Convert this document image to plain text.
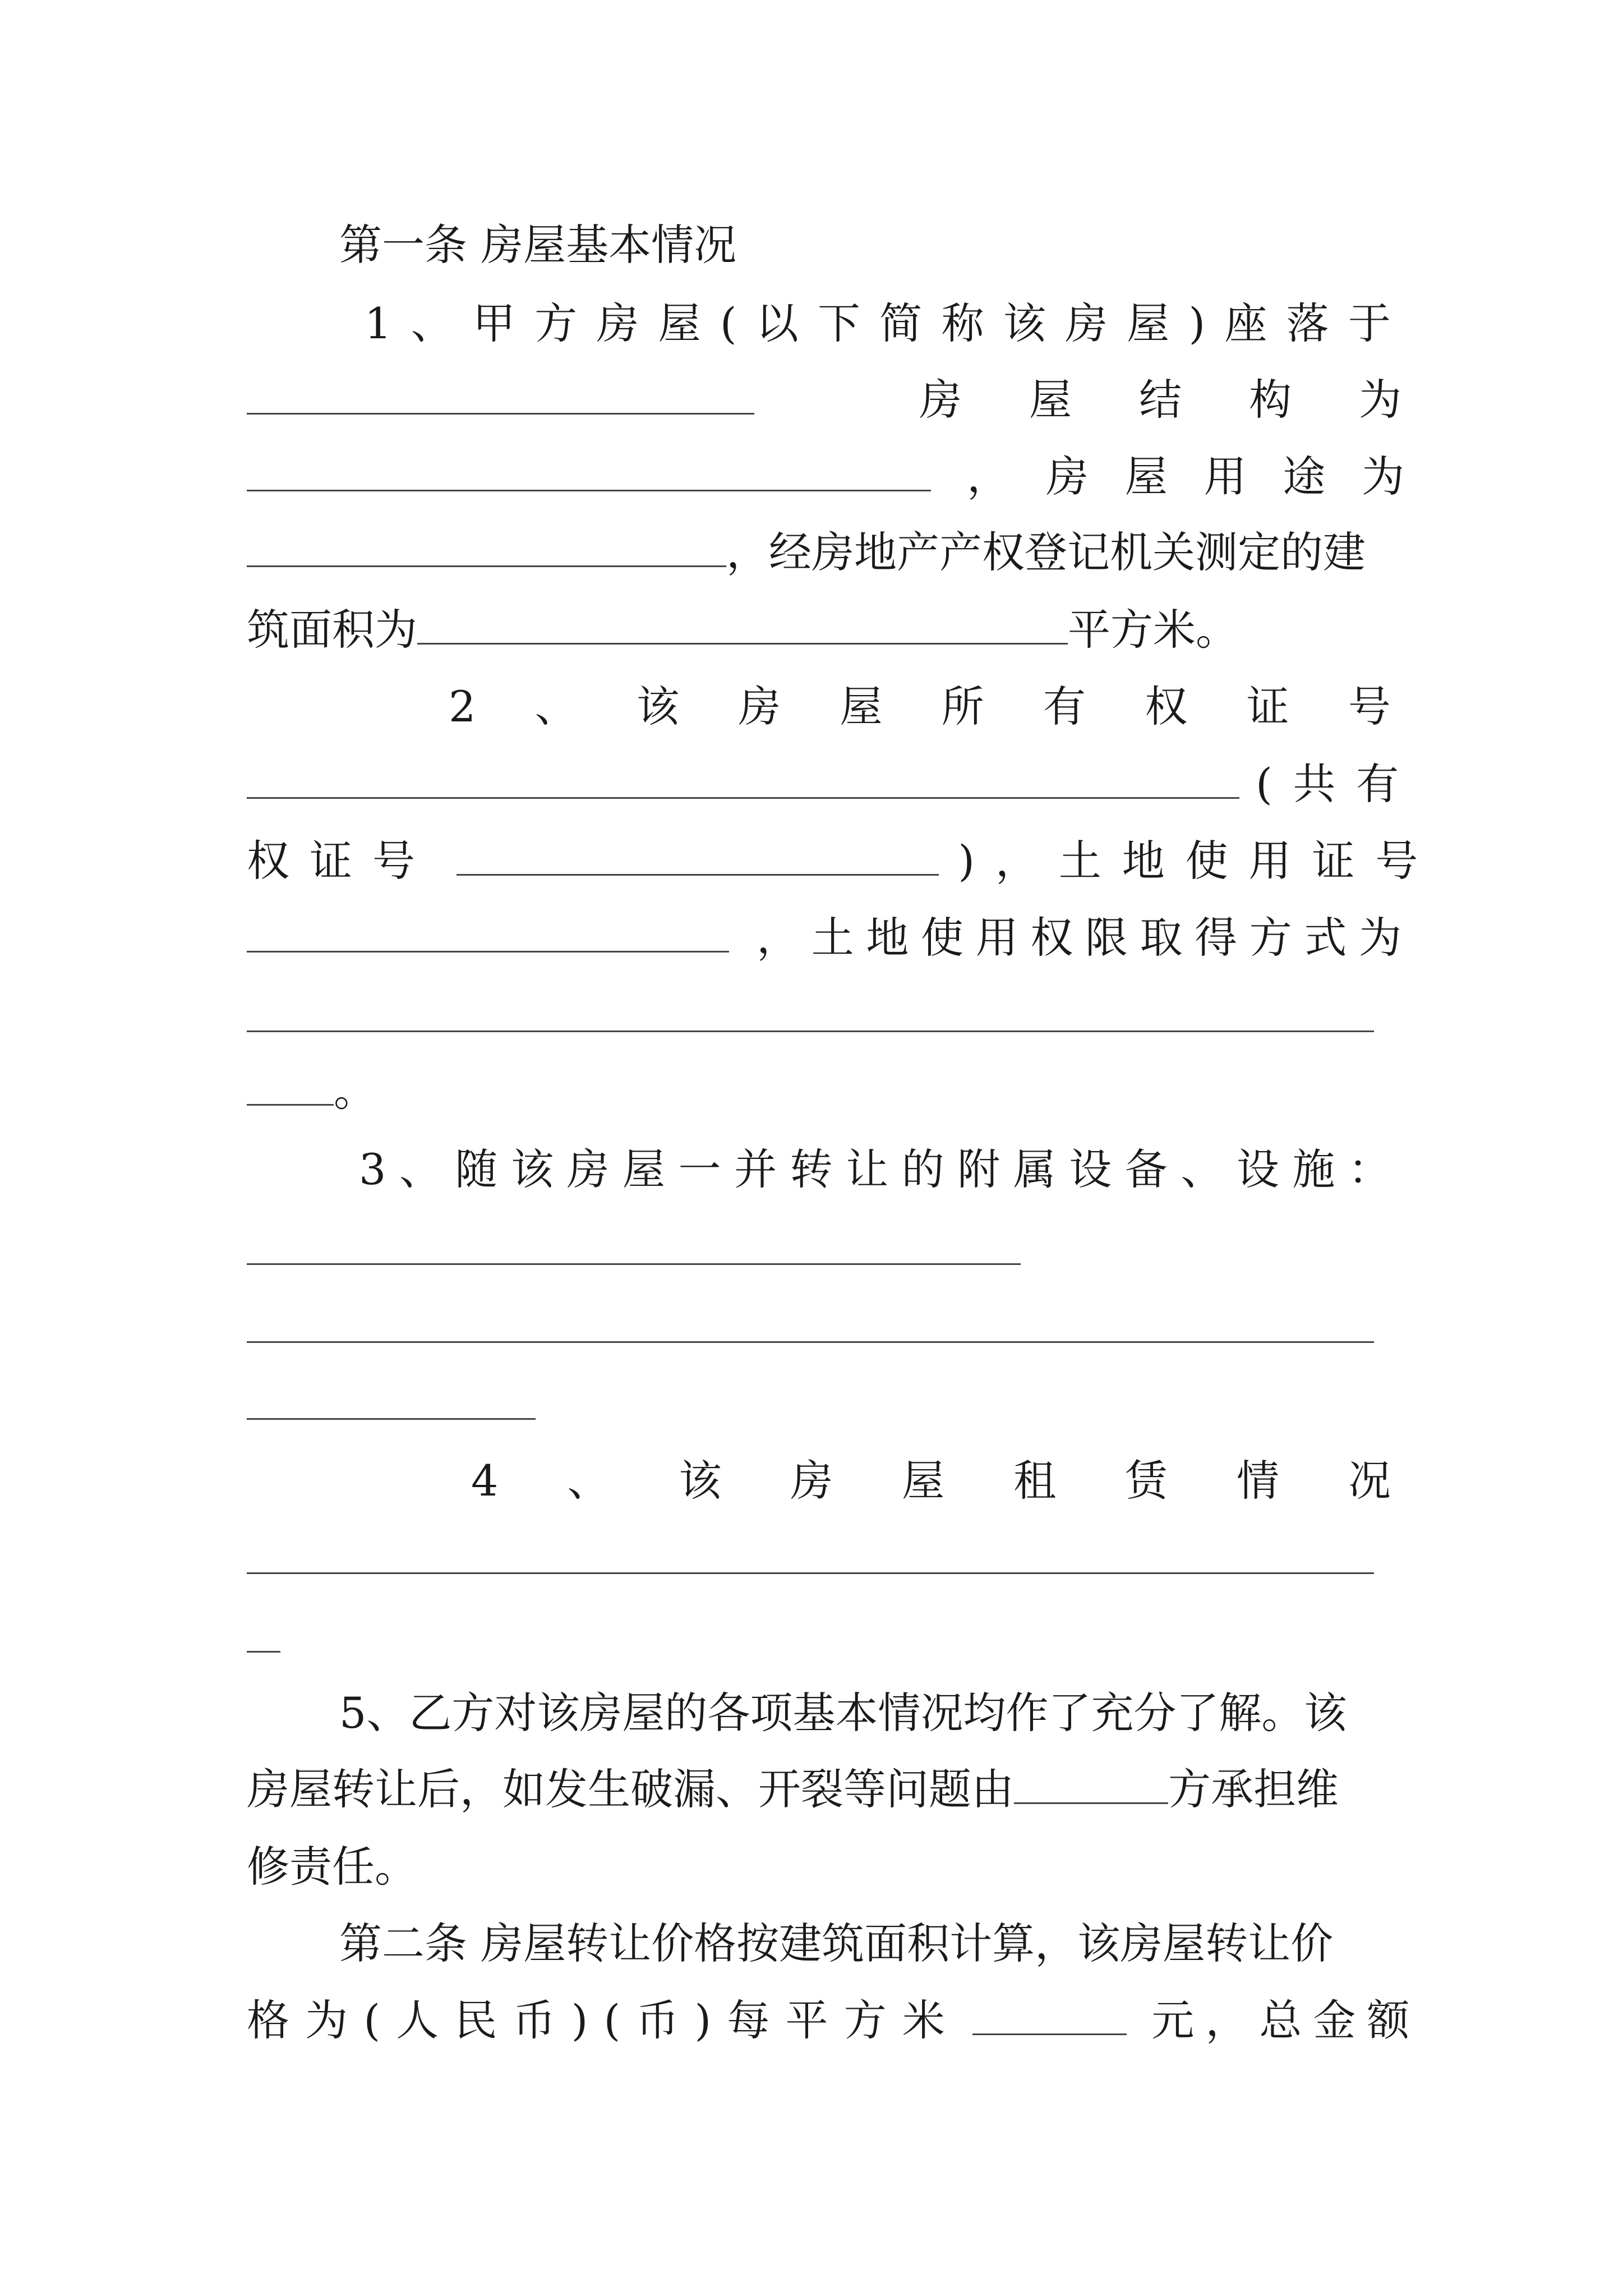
第一条 房屋基本情况
1 、 甲 方 房 屋 ( 以 下 简 称 该 房 屋 ) 座 落 于

房 屋 结 构 为

， 房 屋 用 途 为
，经房地产产权登记机关测定的建
筑面积为	平方米。
2 、 该 房 屋 所 有 权 证 号

( 共 有
权 证 号
	) ， 土 地 使 用 证 号

， 土 地 使 用 权 限 取 得 方 式 为
。
3 、 随 该 房 屋 一 并 转 让 的 附 属 设 备 、 设 施 ：
4 、 该 房 屋 租 赁 情 况
5、乙方对该房屋的各项基本情况均作了充分了解。该
房屋转让后，如发生破漏、开裂等问题由	方承担维
修责任。
第二条 房屋转让价格按建筑面积计算，该房屋转让价
格 为 ( 人 民 币 ) ( 币 ) 每 平 方 米
	元 ， 总 金 额
